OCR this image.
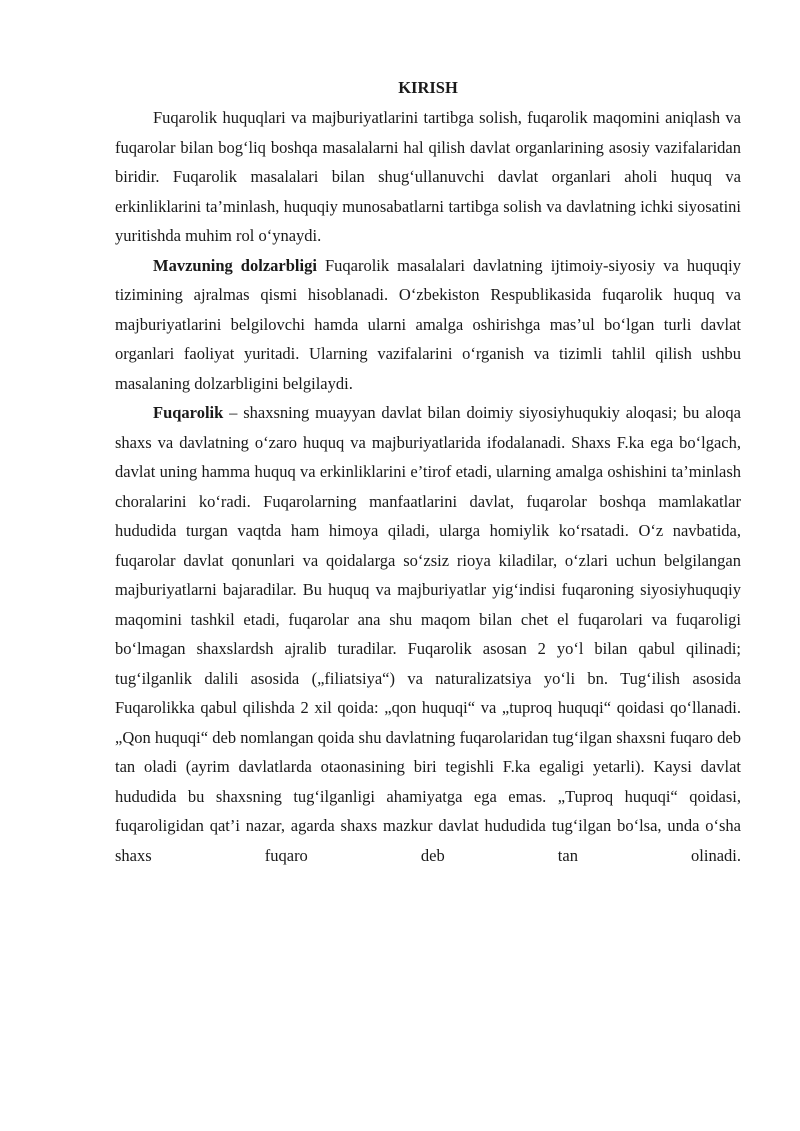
KIRISH

Fuqarolik huquqlari va majburiyatlarini tartibga solish, fuqarolik maqomini aniqlash va fuqarolar bilan bog‘liq boshqa masalalarni hal qilish davlat organlarining asosiy vazifalaridan biridir. Fuqarolik masalalari bilan shug‘ullanuvchi davlat organlari aholi huquq va erkinliklarini ta’minlash, huquqiy munosabatlarni tartibga solish va davlatning ichki siyosatini yuritishda muhim rol o‘ynaydi.

Mavzuning dolzarbligi Fuqarolik masalalari davlatning ijtimoiy-siyosiy va huquqiy tizimining ajralmas qismi hisoblanadi. O‘zbekiston Respublikasida fuqarolik huquq va majburiyatlarini belgilovchi hamda ularni amalga oshirishga mas’ul bo‘lgan turli davlat organlari faoliyat yuritadi. Ularning vazifalarini o‘rganish va tizimli tahlil qilish ushbu masalaning dolzarbligini belgilaydi.

Fuqarolik – shaxsning muayyan davlat bilan doimiy siyosiyhuqukiy aloqasi; bu aloqa shaxs va davlatning o‘zaro huquq va majburiyatlarida ifodalanadi. Shaxs F.ka ega bo‘lgach, davlat uning hamma huquq va erkinliklarini e’tirof etadi, ularning amalga oshishini ta’minlash choralarini ko‘radi. Fuqarolarning manfaatlarini davlat, fuqarolar boshqa mamlakatlar hududida turgan vaqtda ham himoya qiladi, ularga homiylik ko‘rsatadi. O‘z navbatida, fuqarolar davlat qonunlari va qoidalarga so‘zsiz rioya kiladilar, o‘zlari uchun belgilangan majburiyatlarni bajaradilar. Bu huquq va majburiyatlar yig‘indisi fuqaroning siyosiyhuquqiy maqomini tashkil etadi, fuqarolar ana shu maqom bilan chet el fuqarolari va fuqaroligi bo‘lmagan shaxslardsh ajralib turadilar. Fuqarolik asosan 2 yo‘l bilan qabul qilinadi; tug‘ilganlik dalili asosida („filiatsiya“) va naturalizatsiya yo‘li bn. Tug‘ilish asosida Fuqarolikka qabul qilishda 2 xil qoida: „qon huquqi“ va „tuproq huquqi“ qoidasi qo‘llanadi. „Qon huquqi“ deb nomlangan qoida shu davlatning fuqarolaridan tug‘ilgan shaxsni fuqaro deb tan oladi (ayrim davlatlarda otaonasining biri tegishli F.ka egaligi yetarli). Kaysi davlat hududida bu shaxsning tug‘ilganligi ahamiyatga ega emas. „Tuproq huquqi“ qoidasi, fuqaroligidan qat’i nazar, agarda shaxs mazkur davlat hududida tug‘ilgan bo‘lsa, unda o‘sha shaxs fuqaro deb tan olinadi.
